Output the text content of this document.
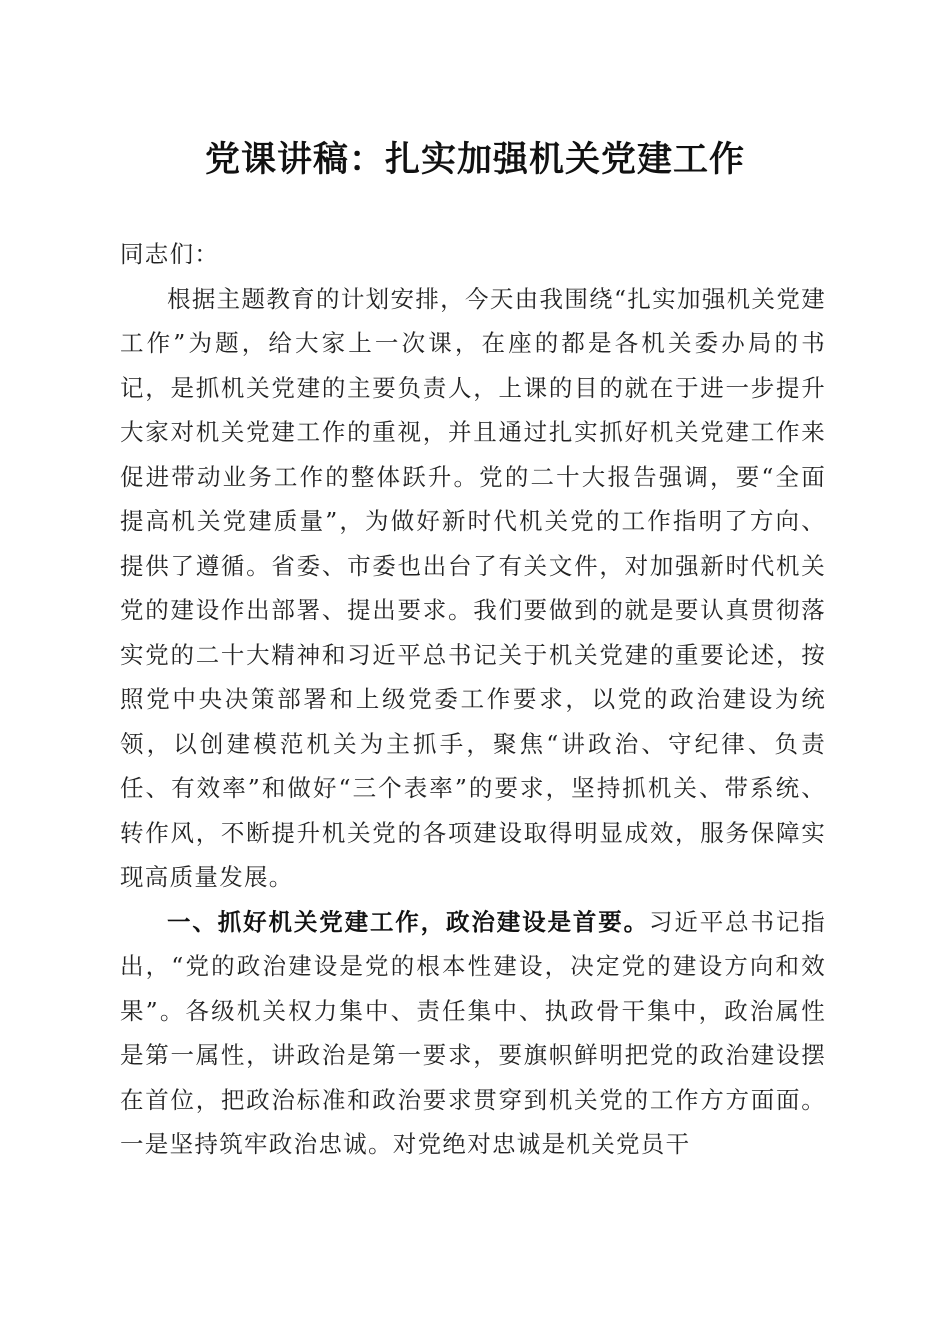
党课讲稿：扎实加强机关党建工作

同志们：

根据主题教育的计划安排，今天由我围绕“扎实加强机关党建工作”为题，给大家上一次课，在座的都是各机关委办局的书记，是抓机关党建的主要负责人，上课的目的就在于进一步提升大家对机关党建工作的重视，并且通过扎实抓好机关党建工作来促进带动业务工作的整体跃升。党的二十大报告强调，要“全面提高机关党建质量”，为做好新时代机关党的工作指明了方向、提供了遵循。省委、市委也出台了有关文件，对加强新时代机关党的建设作出部署、提出要求。我们要做到的就是要认真贯彻落实党的二十大精神和习近平总书记关于机关党建的重要论述，按照党中央决策部署和上级党委工作要求，以党的政治建设为统领，以创建模范机关为主抓手，聚焦“讲政治、守纪律、负责任、有效率”和做好“三个表率”的要求，坚持抓机关、带系统、转作风，不断提升机关党的各项建设取得明显成效，服务保障实现高质量发展。

一、抓好机关党建工作，政治建设是首要。习近平总书记指出，“党的政治建设是党的根本性建设，决定党的建设方向和效果”。各级机关权力集中、责任集中、执政骨干集中，政治属性是第一属性，讲政治是第一要求，要旗帜鲜明把党的政治建设摆在首位，把政治标准和政治要求贯穿到机关党的工作方方面面。一是坚持筑牢政治忠诚。对党绝对忠诚是机关党员干
